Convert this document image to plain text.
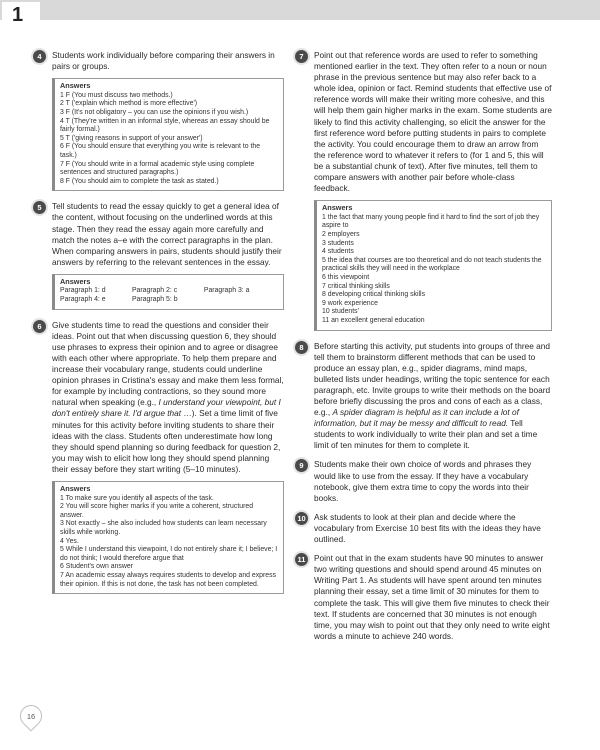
1
4	Students work individually before comparing their answers in pairs or groups.

Answers
1 F (You must discuss two methods.)
2 T ('explain which method is more effective')
3 F (It's not obligatory – you can use the opinions if you wish.)
4 T (They're written in an informal style, whereas an essay should be fairly formal.)
5 T ('giving reasons in support of your answer')
6 F (You should ensure that everything you write is relevant to the task.)
7 F (You should write in a formal academic style using complete sentences and structured paragraphs.)
8 F (You should aim to complete the task as stated.)
5	Tell students to read the essay quickly to get a general idea of the content, without focusing on the underlined words at this stage. Then they read the essay again more carefully and match the notes a–e with the correct paragraphs in the plan. When comparing answers in pairs, students should justify their answers by referring to the relevant sentences in the essay.

Answers
Paragraph 1: d	Paragraph 2: c	Paragraph 3: a
Paragraph 4: e	Paragraph 5: b
6	Give students time to read the questions and consider their ideas. Point out that when discussing question 6, they should use phrases to express their opinion and to agree or disagree with each other where appropriate. To help them prepare and increase their vocabulary range, students could underline opinion phrases in Cristina's essay and make them less formal, for example by including contractions, so they sound more natural when speaking (e.g., I understand your viewpoint, but I don't entirely share it. I'd argue that …). Set a time limit of five minutes for this activity before inviting students to share their ideas with the class. Students often underestimate how long they should spend planning so during feedback for question 2, you may wish to elicit how long they should spend planning their essay before they start writing (5–10 minutes).

Answers
1 To make sure you identify all aspects of the task.
2 You will score higher marks if you write a coherent, structured answer.
3 Not exactly – she also included how students can learn necessary skills while working.
4 Yes.
5 While I understand this viewpoint, I do not entirely share it; I believe; I do not think; I would therefore argue that
6 Student's own answer
7 An academic essay always requires students to develop and express their opinion. If this is not done, the task has not been completed.
7	Point out that reference words are used to refer to something mentioned earlier in the text. They often refer to a noun or noun phrase in the previous sentence but may also refer back to a whole idea, opinion or fact. Remind students that effective use of reference words will make their writing more cohesive, and this will help them gain higher marks in the exam. Some students are likely to find this activity challenging, so elicit the answer for the first reference word before putting students in pairs to complete the activity. You could encourage them to draw an arrow from the reference word to whatever it refers to (for 1 and 5, this will be a substantial chunk of text). After five minutes, tell them to compare answers with another pair before whole-class feedback.

Answers
1 the fact that many young people find it hard to find the sort of job they aspire to
2 employers
3 students
4 students
5 the idea that courses are too theoretical and do not teach students the practical skills they will need in the workplace
6 this viewpoint
7 critical thinking skills
8 developing critical thinking skills
9 work experience
10 students'
11 an excellent general education
8	Before starting this activity, put students into groups of three and tell them to brainstorm different methods that can be used to produce an essay plan, e.g., spider diagrams, mind maps, bulleted lists under headings, writing the topic sentence for each paragraph, etc. Invite groups to write their methods on the board before briefly discussing the pros and cons of each as a class, e.g., A spider diagram is helpful as it can include a lot of information, but it may be messy and difficult to read. Tell students to work individually to write their plan and set a time limit of ten minutes for them to complete it.

9	Students make their own choice of words and phrases they would like to use from the essay. If they have a vocabulary notebook, give them extra time to copy the words into their books.

10 Ask students to look at their plan and decide where the vocabulary from Exercise 10 best fits with the ideas they have outlined.

11	Point out that in the exam students have 90 minutes to answer two writing questions and should spend around 45 minutes on Writing Part 1. As students will have spent around ten minutes planning their essay, set a time limit of 30 minutes for them to complete the task. This will give them five minutes to check their text. If students are concerned that 30 minutes is not enough time, you may wish to point out that they only need to write eight words a minute to achieve 240 words.

16
